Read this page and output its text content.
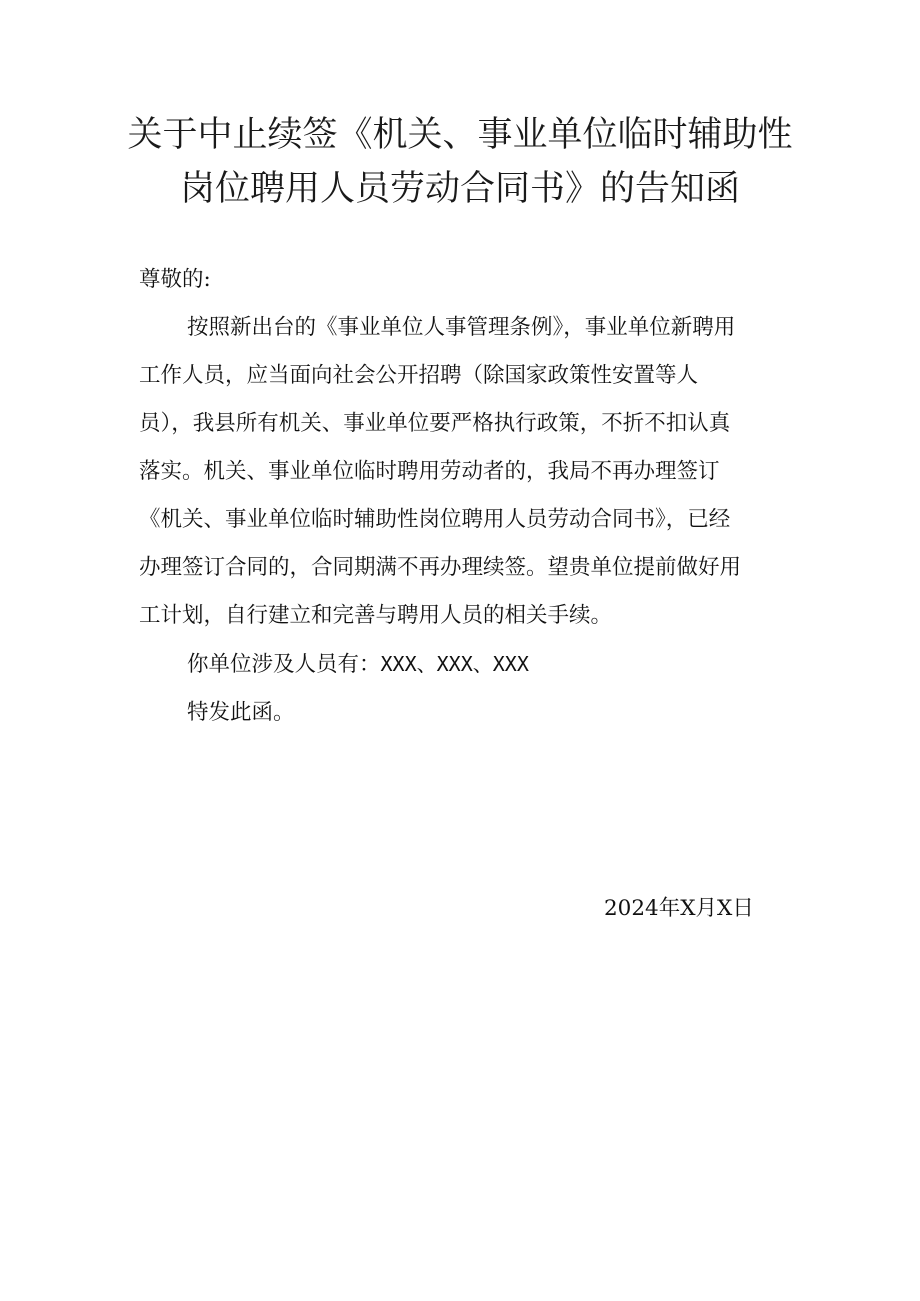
关于中止续签《机关、事业单位临时辅助性
岗位聘用人员劳动合同书》的告知函

尊敬的:

按照新出台的《事业单位人事管理条例》，事业单位新聘用
工作人员，应当面向社会公开招聘（除国家政策性安置等人
员），我县所有机关、事业单位要严格执行政策，不折不扣认真
落实。机关、事业单位临时聘用劳动者的，我局不再办理签订
《机关、事业单位临时辅助性岗位聘用人员劳动合同书》，已经
办理签订合同的，合同期满不再办理续签。望贵单位提前做好用
工计划，自行建立和完善与聘用人员的相关手续。

你单位涉及人员有：XXX、XXX、XXX

特发此函。

2024年X月X日
